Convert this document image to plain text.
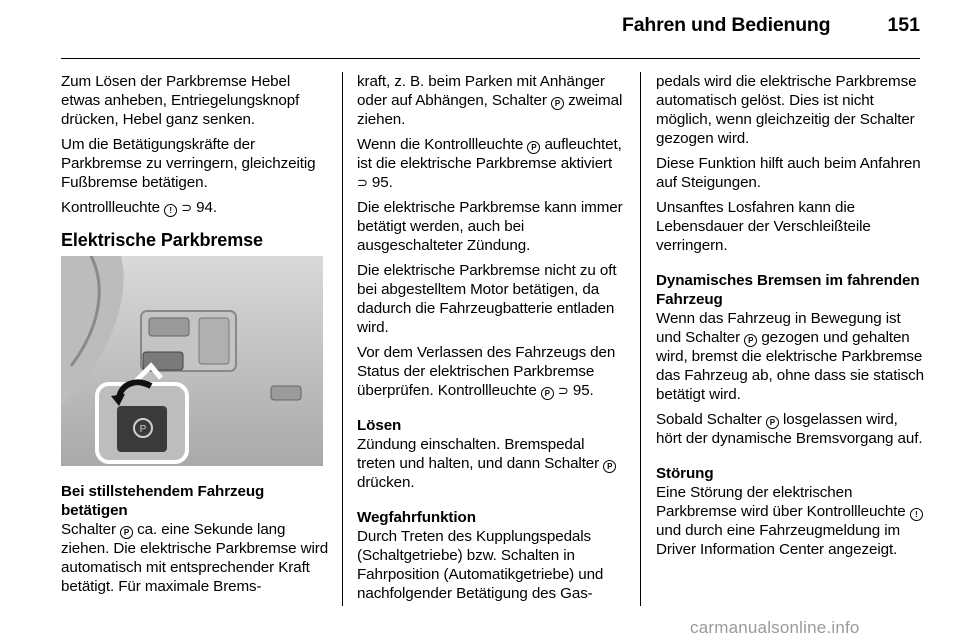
Fahren und Bedienung	151

Zum Lösen der Parkbremse Hebel etwas anheben, Entriegelungsknopf drücken, Hebel ganz senken.

Um die Betätigungskräfte der Parkbremse zu verringern, gleichzeitig Fußbremse betätigen.

Kontrollleuchte ! ⊃ 94.

Elektrische Parkbremse
Bei stillstehendem Fahrzeug betätigen

Schalter P ca. eine Sekunde lang ziehen. Die elektrische Parkbremse wird automatisch mit entsprechender Kraft betätigt. Für maximale Brems-

P

kraft, z. B. beim Parken mit Anhänger oder auf Abhängen, Schalter P zweimal ziehen.

Wenn die Kontrollleuchte P aufleuchtet, ist die elektrische Parkbremse aktiviert ⊃ 95.

Die elektrische Parkbremse kann immer betätigt werden, auch bei ausgeschalteter Zündung.

Die elektrische Parkbremse nicht zu oft bei abgestelltem Motor betätigen, da dadurch die Fahrzeugbatterie entladen wird.

Vor dem Verlassen des Fahrzeugs den Status der elektrischen Parkbremse überprüfen. Kontrollleuchte P ⊃ 95.

Lösen

Zündung einschalten. Bremspedal treten und halten, und dann Schalter P drücken.

Wegfahrfunktion

Durch Treten des Kupplungspedals (Schaltgetriebe) bzw. Schalten in Fahrposition (Automatikgetriebe) und nachfolgender Betätigung des Gas-

pedals wird die elektrische Parkbremse automatisch gelöst. Dies ist nicht möglich, wenn gleichzeitig der Schalter gezogen wird.

Diese Funktion hilft auch beim Anfahren auf Steigungen.

Unsanftes Losfahren kann die Lebensdauer der Verschleißteile verringern.

Dynamisches Bremsen im fahrenden Fahrzeug

Wenn das Fahrzeug in Bewegung ist und Schalter P gezogen und gehalten wird, bremst die elektrische Parkbremse das Fahrzeug ab, ohne dass sie statisch betätigt wird.

Sobald Schalter P losgelassen wird, hört der dynamische Bremsvorgang auf.

Störung

Eine Störung der elektrischen Parkbremse wird über Kontrollleuchte ! und durch eine Fahrzeugmeldung im Driver Information Center angezeigt.

carmanualsonline.info
